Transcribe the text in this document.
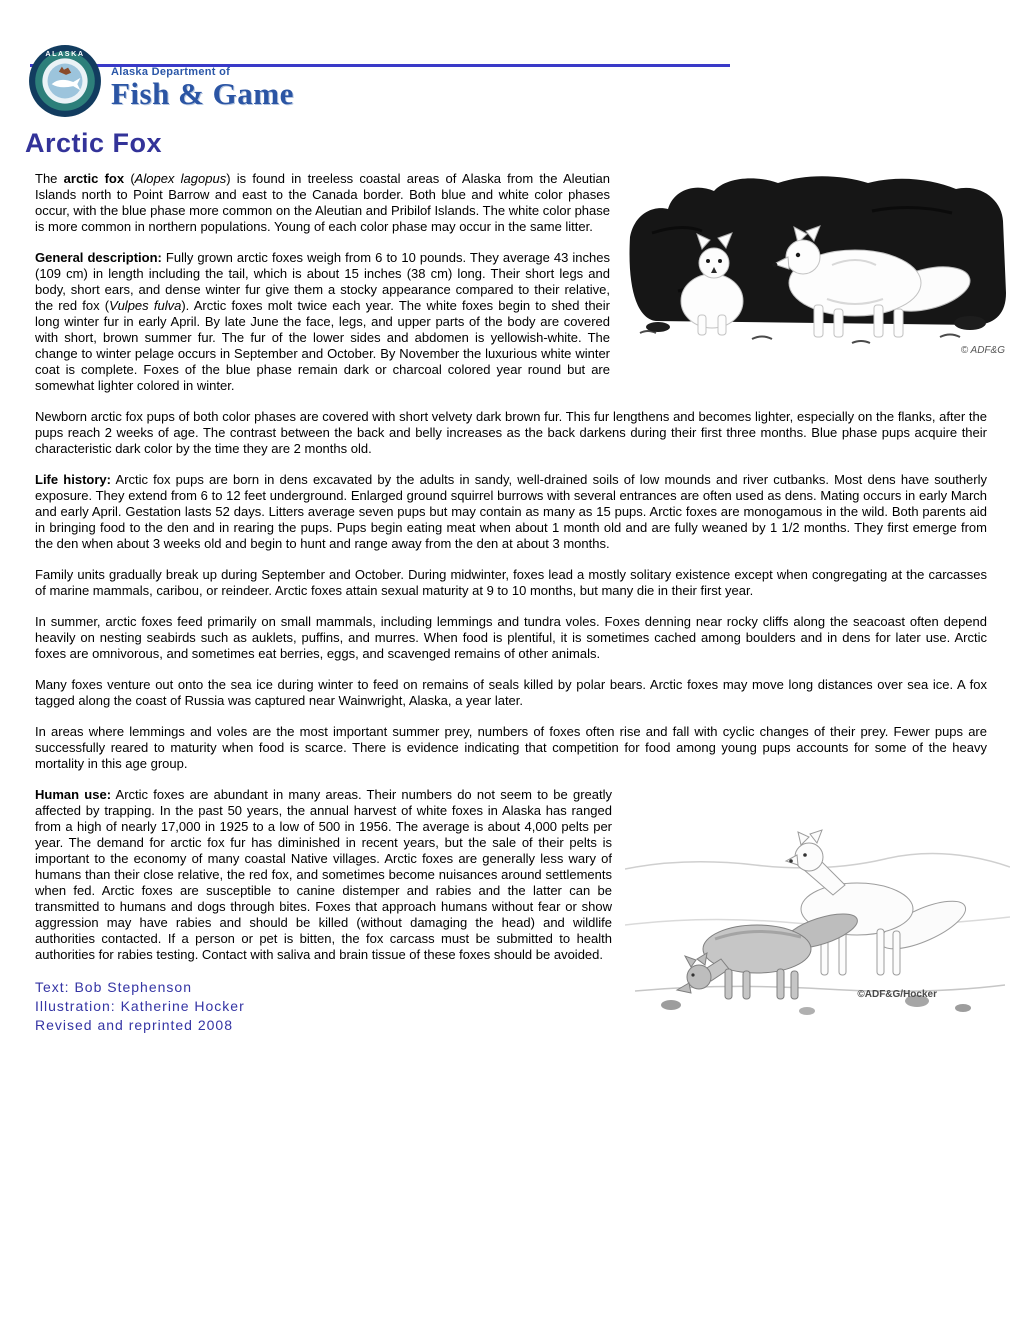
ALASKA
Alaska Department of
Fish & Game
Arctic Fox
© ADF&G

The arctic fox (Alopex lagopus) is found in treeless coastal areas of Alaska from the Aleutian Islands north to Point Barrow and east to the Canada border. Both blue and white color phases occur, with the blue phase more common on the Aleutian and Pribilof Islands. The white color phase is more common in northern populations. Young of each color phase may occur in the same litter.

General description: Fully grown arctic foxes weigh from 6 to 10 pounds. They average 43 inches (109 cm) in length including the tail, which is about 15 inches (38 cm) long. Their short legs and body, short ears, and dense winter fur give them a stocky appearance compared to their relative, the red fox (Vulpes fulva). Arctic foxes molt twice each year. The white foxes begin to shed their long winter fur in early April. By late June the face, legs, and upper parts of the body are covered with short, brown summer fur. The fur of the lower sides and abdomen is yellowish-white. The change to winter pelage occurs in September and October. By November the luxurious white winter coat is complete. Foxes of the blue phase remain dark or charcoal colored year round but are somewhat lighter colored in winter.

Newborn arctic fox pups of both color phases are covered with short velvety dark brown fur. This fur lengthens and becomes lighter, especially on the flanks, after the pups reach 2 weeks of age. The contrast between the back and belly increases as the back darkens during their first three months. Blue phase pups acquire their characteristic dark color by the time they are 2 months old.

Life history: Arctic fox pups are born in dens excavated by the adults in sandy, well-drained soils of low mounds and river cutbanks. Most dens have southerly exposure. They extend from 6 to 12 feet underground. Enlarged ground squirrel burrows with several entrances are often used as dens. Mating occurs in early March and early April. Gestation lasts 52 days. Litters average seven pups but may contain as many as 15 pups. Arctic foxes are monogamous in the wild. Both parents aid in bringing food to the den and in rearing the pups. Pups begin eating meat when about 1 month old and are fully weaned by 1 1/2 months. They first emerge from the den when about 3 weeks old and begin to hunt and range away from the den at about 3 months.

Family units gradually break up during September and October. During midwinter, foxes lead a mostly solitary existence except when congregating at the carcasses of marine mammals, caribou, or reindeer. Arctic foxes attain sexual maturity at 9 to 10 months, but many die in their first year.

In summer, arctic foxes feed primarily on small mammals, including lemmings and tundra voles. Foxes denning near rocky cliffs along the seacoast often depend heavily on nesting seabirds such as auklets, puffins, and murres. When food is plentiful, it is sometimes cached among boulders and in dens for later use. Arctic foxes are omnivorous, and sometimes eat berries, eggs, and scavenged remains of other animals.

Many foxes venture out onto the sea ice during winter to feed on remains of seals killed by polar bears. Arctic foxes may move long distances over sea ice. A fox tagged along the coast of Russia was captured near Wainwright, Alaska, a year later.

In areas where lemmings and voles are the most important summer prey, numbers of foxes often rise and fall with cyclic changes of their prey. Fewer pups are successfully reared to maturity when food is scarce. There is evidence indicating that competition for food among young pups accounts for some of the heavy mortality in this age group.

©ADF&G/Hocker

Human use: Arctic foxes are abundant in many areas. Their numbers do not seem to be greatly affected by trapping. In the past 50 years, the annual harvest of white foxes in Alaska has ranged from a high of nearly 17,000 in 1925 to a low of 500 in 1956. The average is about 4,000 pelts per year. The demand for arctic fox fur has diminished in recent years, but the sale of their pelts is important to the economy of many coastal Native villages. Arctic foxes are generally less wary of humans than their close relative, the red fox, and sometimes become nuisances around settlements when fed. Arctic foxes are susceptible to canine distemper and rabies and the latter can be transmitted to humans and dogs through bites. Foxes that approach humans without fear or show aggression may have rabies and should be killed (without damaging the head) and wildlife authorities contacted. If a person or pet is bitten, the fox carcass must be submitted to health authorities for rabies testing. Contact with saliva and brain tissue of these foxes should be avoided.

Text: Bob Stephenson
Illustration: Katherine Hocker
Revised and reprinted 2008
